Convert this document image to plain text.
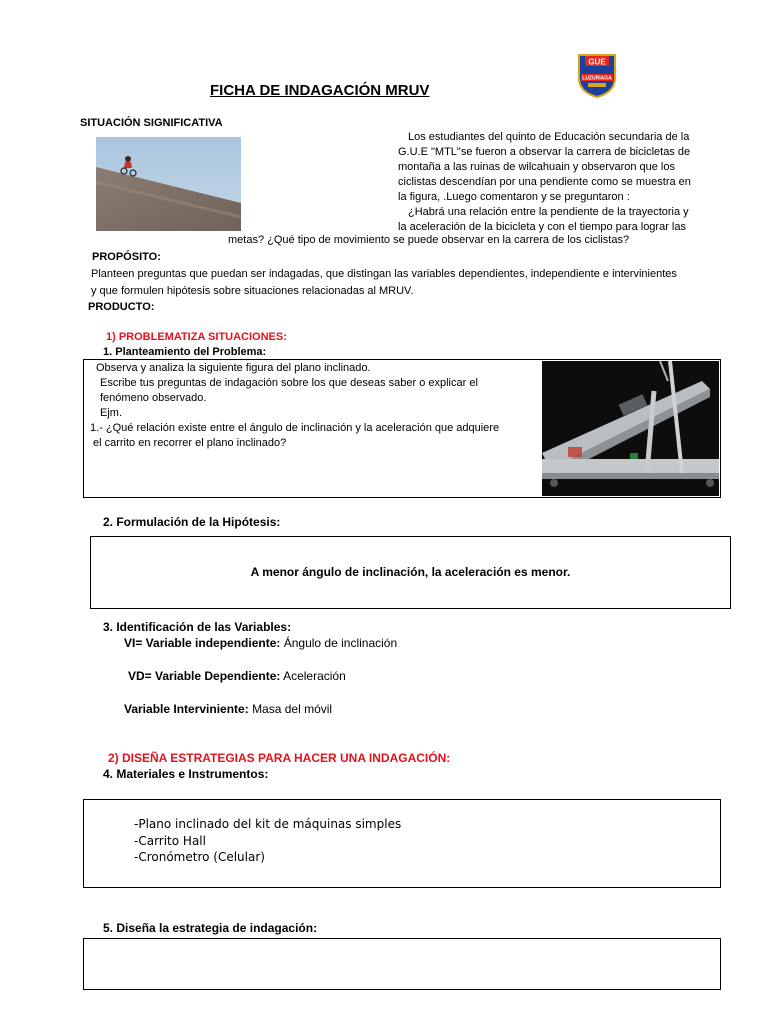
FICHA DE INDAGACIÓN MRUV
GUE
LUZURIAGA
SITUACIÓN SIGNIFICATIVA
Los estudiantes del quinto de Educación secundaria de la
G.U.E "MTL"se fueron a observar la carrera de bicicletas de
montaña a las ruinas de wilcahuain y observaron que los
ciclistas descendían por una pendiente como se muestra en
la figura, .Luego comentaron y se preguntaron :
¿Habrá una relación entre la pendiente de la trayectoria y
la aceleración de la bicicleta y con el tiempo para lograr las
metas? ¿Qué tipo de movimiento se puede observar en la carrera de los ciclistas?
PROPÓSITO:
Planteen preguntas que puedan ser indagadas, que distingan las variables dependientes, independiente e intervinientes
y que formulen hipótesis sobre situaciones relacionadas al MRUV.
PRODUCTO:
1) PROBLEMATIZA SITUACIONES:
1. Planteamiento del Problema:
Observa y analiza la siguiente figura del plano inclinado.
Escribe tus preguntas de indagación sobre los que deseas saber o explicar el
fenómeno observado.
Ejm.
1.- ¿Qué relación existe entre el ángulo de inclinación y la aceleración que adquiere
el carrito en recorrer el plano inclinado?
2. Formulación de la Hipótesis:
A menor ángulo de inclinación, la aceleración es menor.
3. Identificación de las Variables:
VI= Variable independiente: Ángulo de inclinación
VD= Variable Dependiente: Aceleración
Variable Interviniente: Masa del móvil
2) DISEÑA ESTRATEGIAS PARA HACER UNA INDAGACIÓN:
4. Materiales e Instrumentos:
-Plano inclinado del kit de máquinas simples
-Carrito Hall
-Cronómetro (Celular)
5. Diseña la estrategia de indagación:
